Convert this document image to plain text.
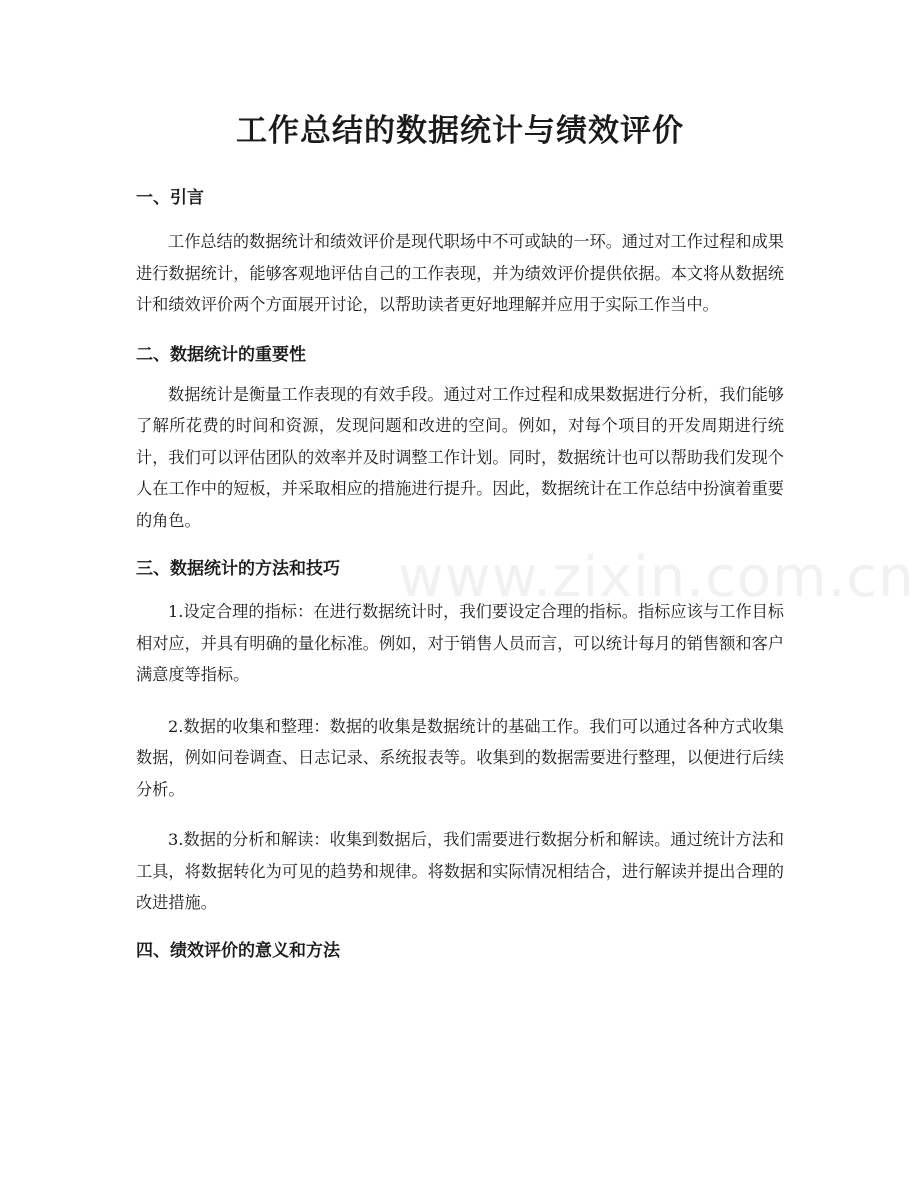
工作总结的数据统计与绩效评价
一、引言

工作总结的数据统计和绩效评价是现代职场中不可或缺的一环。通过对工作过程和成果进行数据统计，能够客观地评估自己的工作表现，并为绩效评价提供依据。本文将从数据统计和绩效评价两个方面展开讨论，以帮助读者更好地理解并应用于实际工作当中。

二、数据统计的重要性

数据统计是衡量工作表现的有效手段。通过对工作过程和成果数据进行分析，我们能够了解所花费的时间和资源，发现问题和改进的空间。例如，对每个项目的开发周期进行统计，我们可以评估团队的效率并及时调整工作计划。同时，数据统计也可以帮助我们发现个人在工作中的短板，并采取相应的措施进行提升。因此，数据统计在工作总结中扮演着重要的角色。

三、数据统计的方法和技巧

1.设定合理的指标：在进行数据统计时，我们要设定合理的指标。指标应该与工作目标相对应，并具有明确的量化标准。例如，对于销售人员而言，可以统计每月的销售额和客户满意度等指标。

2.数据的收集和整理：数据的收集是数据统计的基础工作。我们可以通过各种方式收集数据，例如问卷调查、日志记录、系统报表等。收集到的数据需要进行整理，以便进行后续分析。

3.数据的分析和解读：收集到数据后，我们需要进行数据分析和解读。通过统计方法和工具，将数据转化为可见的趋势和规律。将数据和实际情况相结合，进行解读并提出合理的改进措施。

四、绩效评价的意义和方法
www.zixin.com.cn
